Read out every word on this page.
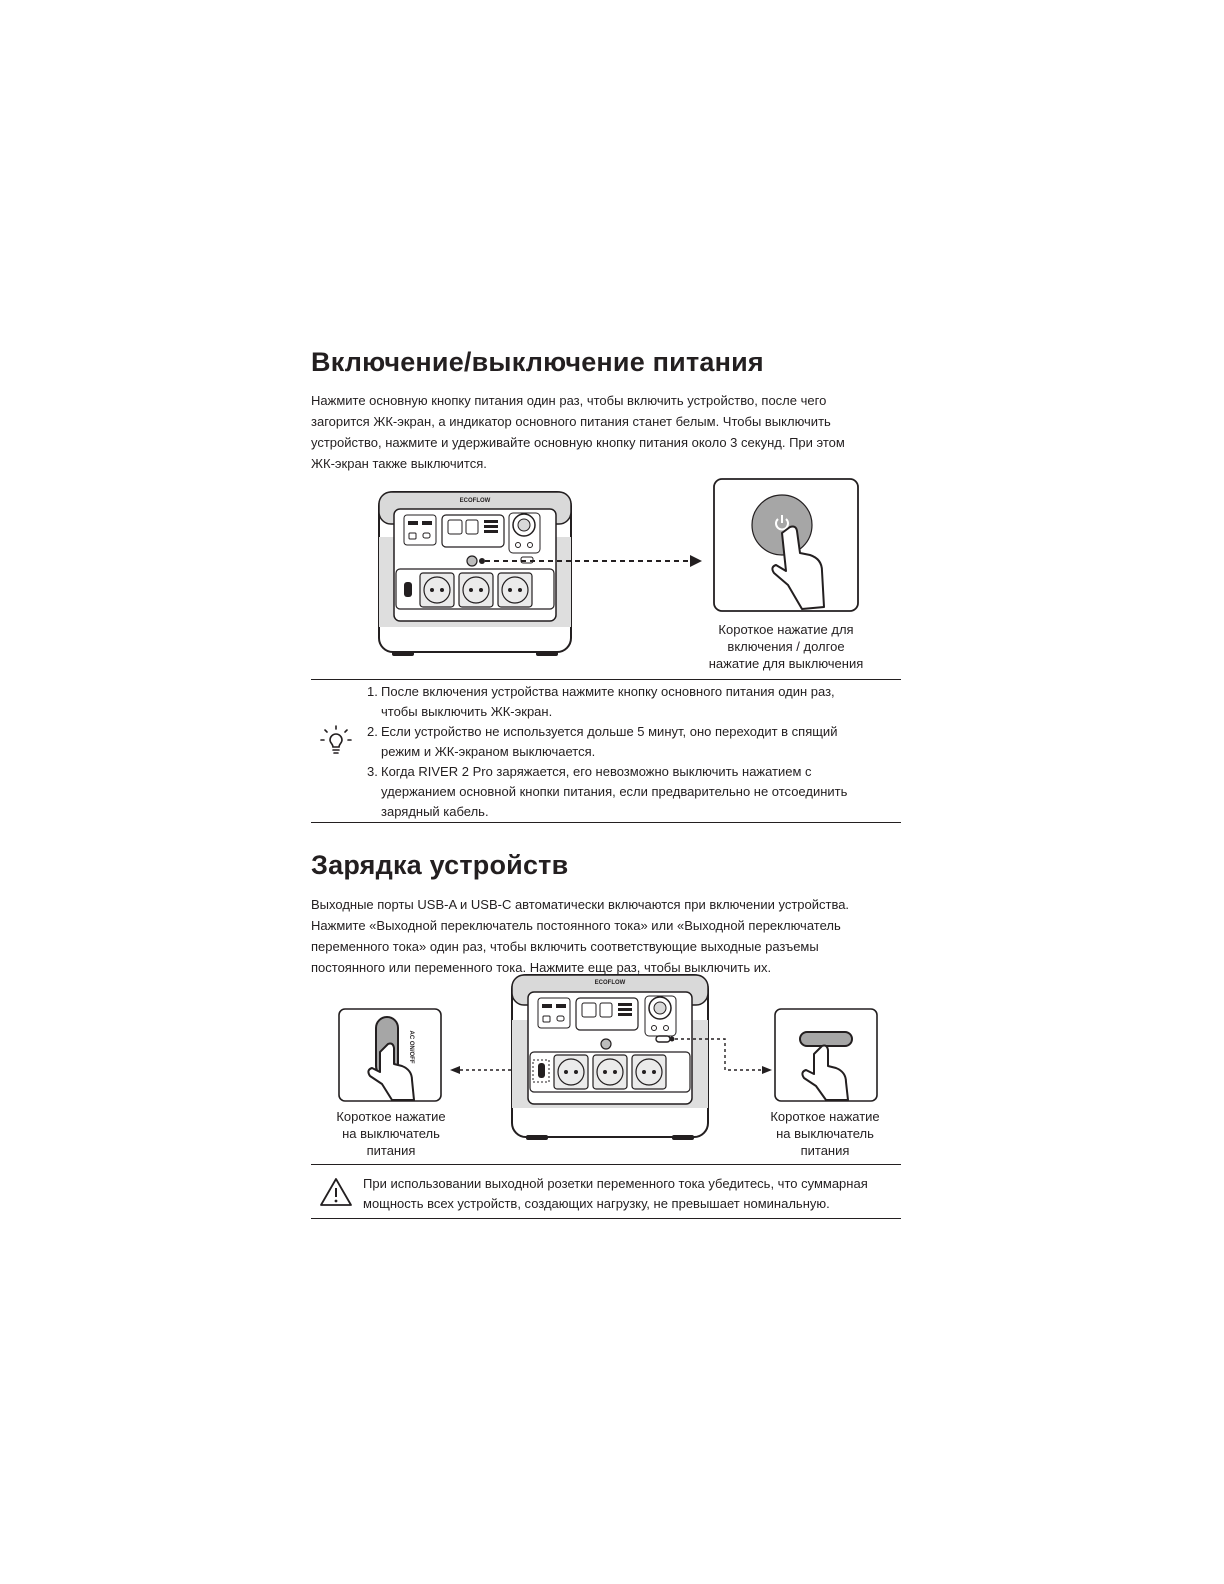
Включение/выключение питания

Нажмите основную кнопку питания один раз, чтобы включить устройство, после чего

загорится ЖК-экран, а индикатор основного питания станет белым. Чтобы выключить

устройство, нажмите и удерживайте основную кнопку питания около 3 секунд. При этом

ЖК-экран также выключится.

ECOFLOW
Короткое нажатие для
включения / долгое
нажатие для выключения
1. После включения устройства нажмите кнопку основного питания один раз,
чтобы выключить ЖК-экран.
2. Если устройство не используется дольше 5 минут, оно переходит в спящий
режим и ЖК-экраном выключается.
3. Когда RIVER 2 Pro заряжается, его невозможно выключить нажатием с
удержанием основной кнопки питания, если предварительно не отсоединить
зарядный кабель.
Зарядка устройств

Выходные порты USB-A и USB-C автоматически включаются при включении устройства.

Нажмите «Выходной переключатель постоянного тока» или «Выходной переключатель

переменного тока» один раз, чтобы включить соответствующие выходные разъемы

постоянного или переменного тока. Нажмите еще раз, чтобы выключить их.

AC ON/OFF
ECOFLOW
Короткое нажатие
на выключатель
питания
Короткое нажатие
на выключатель
питания
При использовании выходной розетки переменного тока убедитесь, что суммарная
мощность всех устройств, создающих нагрузку, не превышает номинальную.
